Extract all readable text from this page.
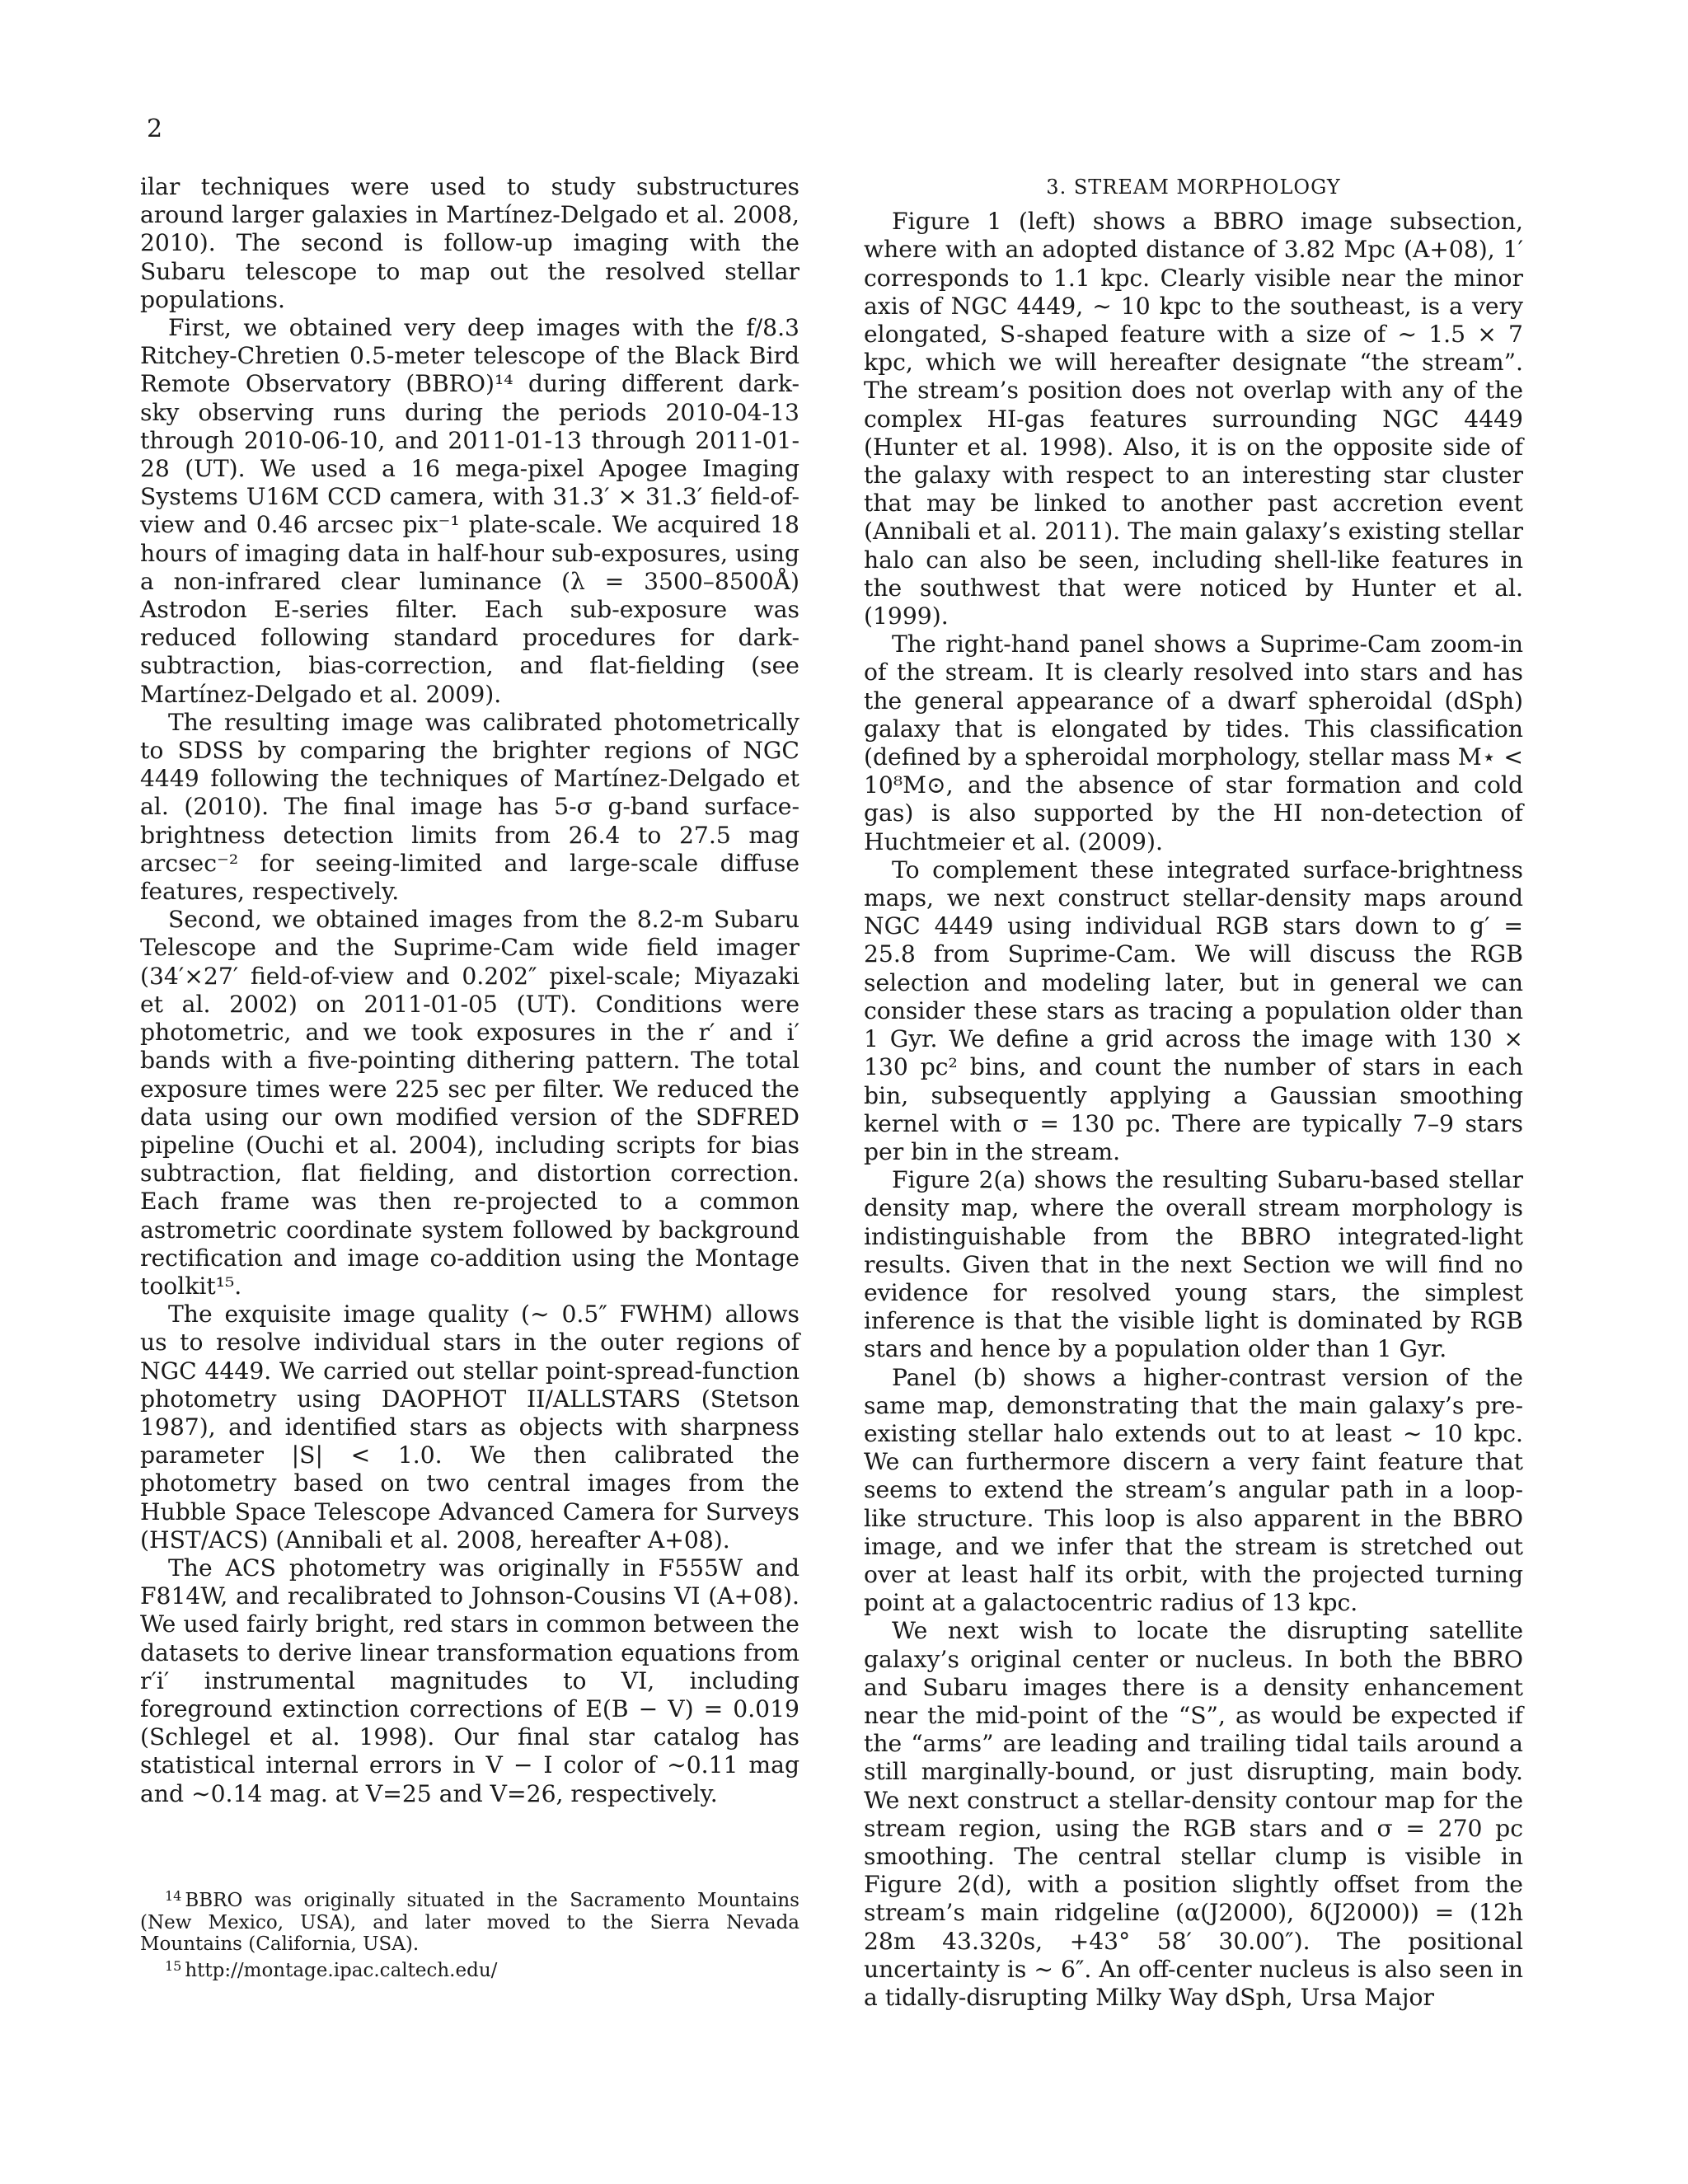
2

ilar techniques were used to study substructures around larger galaxies in Martínez-Delgado et al. 2008, 2010). The second is follow-up imaging with the Subaru telescope to map out the resolved stellar populations.

First, we obtained very deep images with the f/8.3 Ritchey-Chretien 0.5-meter telescope of the Black Bird Remote Observatory (BBRO)¹⁴ during different dark-sky observing runs during the periods 2010-04-13 through 2010-06-10, and 2011-01-13 through 2011-01-28 (UT). We used a 16 mega-pixel Apogee Imaging Systems U16M CCD camera, with 31.3′ × 31.3′ field-of-view and 0.46 arcsec pix⁻¹ plate-scale. We acquired 18 hours of imaging data in half-hour sub-exposures, using a non-infrared clear luminance (λ = 3500–8500Å) Astrodon E-series filter. Each sub-exposure was reduced following standard procedures for dark-subtraction, bias-correction, and flat-fielding (see Martínez-Delgado et al. 2009).

The resulting image was calibrated photometrically to SDSS by comparing the brighter regions of NGC 4449 following the techniques of Martínez-Delgado et al. (2010). The final image has 5-σ g-band surface-brightness detection limits from 26.4 to 27.5 mag arcsec⁻² for seeing-limited and large-scale diffuse features, respectively.

Second, we obtained images from the 8.2-m Subaru Telescope and the Suprime-Cam wide field imager (34′×27′ field-of-view and 0.202″ pixel-scale; Miyazaki et al. 2002) on 2011-01-05 (UT). Conditions were photometric, and we took exposures in the r′ and i′ bands with a five-pointing dithering pattern. The total exposure times were 225 sec per filter. We reduced the data using our own modified version of the SDFRED pipeline (Ouchi et al. 2004), including scripts for bias subtraction, flat fielding, and distortion correction. Each frame was then re-projected to a common astrometric coordinate system followed by background rectification and image co-addition using the Montage toolkit¹⁵.

The exquisite image quality (∼ 0.5″ FWHM) allows us to resolve individual stars in the outer regions of NGC 4449. We carried out stellar point-spread-function photometry using DAOPHOT II/ALLSTARS (Stetson 1987), and identified stars as objects with sharpness parameter |S| < 1.0. We then calibrated the photometry based on two central images from the Hubble Space Telescope Advanced Camera for Surveys (HST/ACS) (Annibali et al. 2008, hereafter A+08).

The ACS photometry was originally in F555W and F814W, and recalibrated to Johnson-Cousins VI (A+08). We used fairly bright, red stars in common between the datasets to derive linear transformation equations from r′i′ instrumental magnitudes to VI, including foreground extinction corrections of E(B − V) = 0.019 (Schlegel et al. 1998). Our final star catalog has statistical internal errors in V − I color of ∼0.11 mag and ∼0.14 mag. at V=25 and V=26, respectively.

$^{14}$ BBRO was originally situated in the Sacramento Mountains (New Mexico, USA), and later moved to the Sierra Nevada Mountains (California, USA).

$^{15}$ http://montage.ipac.caltech.edu/

3. STREAM MORPHOLOGY

Figure 1 (left) shows a BBRO image subsection, where with an adopted distance of 3.82 Mpc (A+08), 1′ corresponds to 1.1 kpc. Clearly visible near the minor axis of NGC 4449, ∼ 10 kpc to the southeast, is a very elongated, S-shaped feature with a size of ∼ 1.5 × 7 kpc, which we will hereafter designate “the stream”. The stream’s position does not overlap with any of the complex HI-gas features surrounding NGC 4449 (Hunter et al. 1998). Also, it is on the opposite side of the galaxy with respect to an interesting star cluster that may be linked to another past accretion event (Annibali et al. 2011). The main galaxy’s existing stellar halo can also be seen, including shell-like features in the southwest that were noticed by Hunter et al. (1999).

The right-hand panel shows a Suprime-Cam zoom-in of the stream. It is clearly resolved into stars and has the general appearance of a dwarf spheroidal (dSph) galaxy that is elongated by tides. This classification (defined by a spheroidal morphology, stellar mass M⋆ < 10⁸M⊙, and the absence of star formation and cold gas) is also supported by the HI non-detection of Huchtmeier et al. (2009).

To complement these integrated surface-brightness maps, we next construct stellar-density maps around NGC 4449 using individual RGB stars down to g′ = 25.8 from Suprime-Cam. We will discuss the RGB selection and modeling later, but in general we can consider these stars as tracing a population older than 1 Gyr. We define a grid across the image with 130 × 130 pc² bins, and count the number of stars in each bin, subsequently applying a Gaussian smoothing kernel with σ = 130 pc. There are typically 7–9 stars per bin in the stream.

Figure 2(a) shows the resulting Subaru-based stellar density map, where the overall stream morphology is indistinguishable from the BBRO integrated-light results. Given that in the next Section we will find no evidence for resolved young stars, the simplest inference is that the visible light is dominated by RGB stars and hence by a population older than 1 Gyr.

Panel (b) shows a higher-contrast version of the same map, demonstrating that the main galaxy’s pre-existing stellar halo extends out to at least ∼ 10 kpc. We can furthermore discern a very faint feature that seems to extend the stream’s angular path in a loop-like structure. This loop is also apparent in the BBRO image, and we infer that the stream is stretched out over at least half its orbit, with the projected turning point at a galactocentric radius of 13 kpc.

We next wish to locate the disrupting satellite galaxy’s original center or nucleus. In both the BBRO and Subaru images there is a density enhancement near the mid-point of the “S”, as would be expected if the “arms” are leading and trailing tidal tails around a still marginally-bound, or just disrupting, main body. We next construct a stellar-density contour map for the stream region, using the RGB stars and σ = 270 pc smoothing. The central stellar clump is visible in Figure 2(d), with a position slightly offset from the stream’s main ridgeline (α(J2000), δ(J2000)) = (12h 28m 43.320s, +43° 58′ 30.00″). The positional uncertainty is ∼ 6″. An off-center nucleus is also seen in a tidally-disrupting Milky Way dSph, Ursa Major
